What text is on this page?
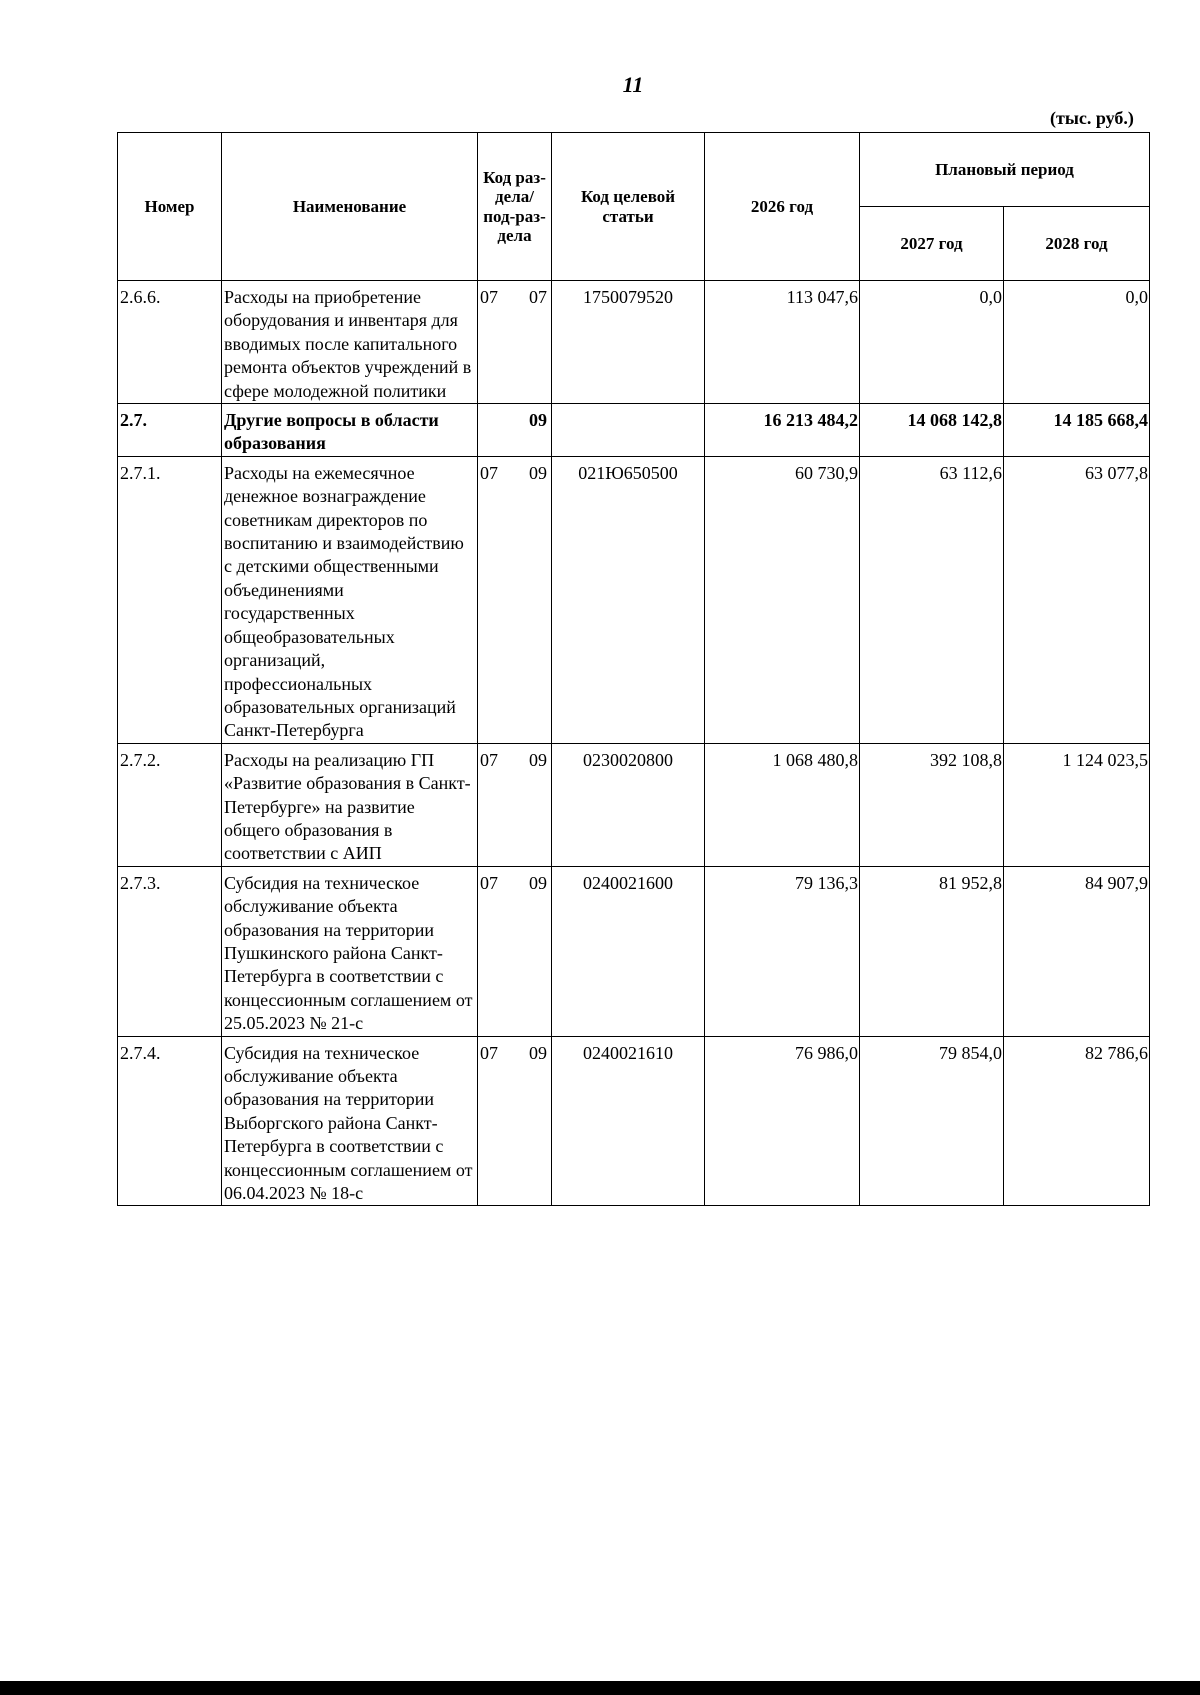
11
(тыс. руб.)
Номер	Наименование	Код раз-дела/ под-раз-дела	Код целевой статьи	2026 год	Плановый период	
					2027 год	2028 год
2.6.6.	Расходы на приобретение оборудования и инвентаря для вводимых после капитального ремонта объектов учреждений в сфере молодежной политики	07 07	1750079520	113 047,6	0,0	0,0
2.7.	Другие вопросы в области образования	09		16 213 484,2	14 068 142,8	14 185 668,4
2.7.1.	Расходы на ежемесячное денежное вознаграждение советникам директоров по воспитанию и взаимодействию с детскими общественными объединениями государственных общеобразовательных организаций, профессиональных образовательных организаций Санкт-Петербурга	07 09	021Ю650500	60 730,9	63 112,6	63 077,8
2.7.2.	Расходы на реализацию ГП «Развитие образования в Санкт-Петербурге» на развитие общего образования в соответствии с АИП	07 09	0230020800	1 068 480,8	392 108,8	1 124 023,5
2.7.3.	Субсидия на техническое обслуживание объекта образования на территории Пушкинского района Санкт-Петербурга в соответствии с концессионным соглашением от 25.05.2023 № 21-с	07 09	0240021600	79 136,3	81 952,8	84 907,9
2.7.4.	Субсидия на техническое обслуживание объекта образования на территории Выборгского района Санкт-Петербурга в соответствии с концессионным соглашением от 06.04.2023 № 18-с	07 09	0240021610	76 986,0	79 854,0	82 786,6
